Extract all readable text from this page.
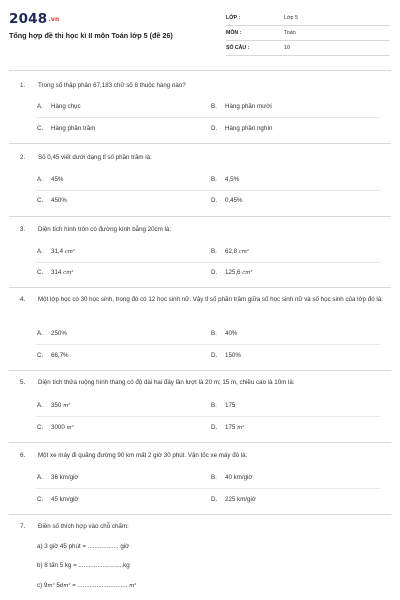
2048.vn
Tổng hợp đề thi học kì II môn Toán lớp 5 (đề 26)
LỚP :	Lớp 5
MÔN :	Toán
SỐ CÂU :	10
1. Trong số thập phân 67,183 chữ số 8 thuộc hàng nào?
A. Hàng chục	B. Hàng phần mười
C. Hàng phần trăm	D. Hàng phần nghìn
2. Số 0,45 viết dưới dạng tỉ số phần trăm là:
A. 45%	B. 4,5%
C. 450%	D. 0,45%
3. Diện tích hình tròn có đường kính bằng 20cm là:
A. 31,4 cm²	B. 62,8 cm²
C. 314 cm²	D. 125,6 cm²
4. Một lớp học có 30 học sinh, trong đó có 12 học sinh nữ. Vậy tỉ số phần trăm giữa số học sinh nữ và số học sinh của lớp đó là:
A. 250%	B. 40%
C. 66,7%	D. 150%
5. Diện tích thửa ruộng hình thang có độ dài hai đáy lần lượt là 20 m; 15 m, chiều cao là 10m là:
A. 350 m²	B. 175
C. 3000 m²	D. 175 m²
6. Một xe máy đi quãng đường 90 km mất 2 giờ 30 phút. Vận tốc xe máy đó là:
A. 36 km/giờ	B. 40 km/giờ
C. 45 km/giờ	D. 225 km/giờ
7. Điền số thích hợp vào chỗ chấm:
a) 3 giờ 45 phút = .................. giờ
b) 8 tấn 5 kg = ..........................kg
c) 9m² 5dm² = ............................. m²
